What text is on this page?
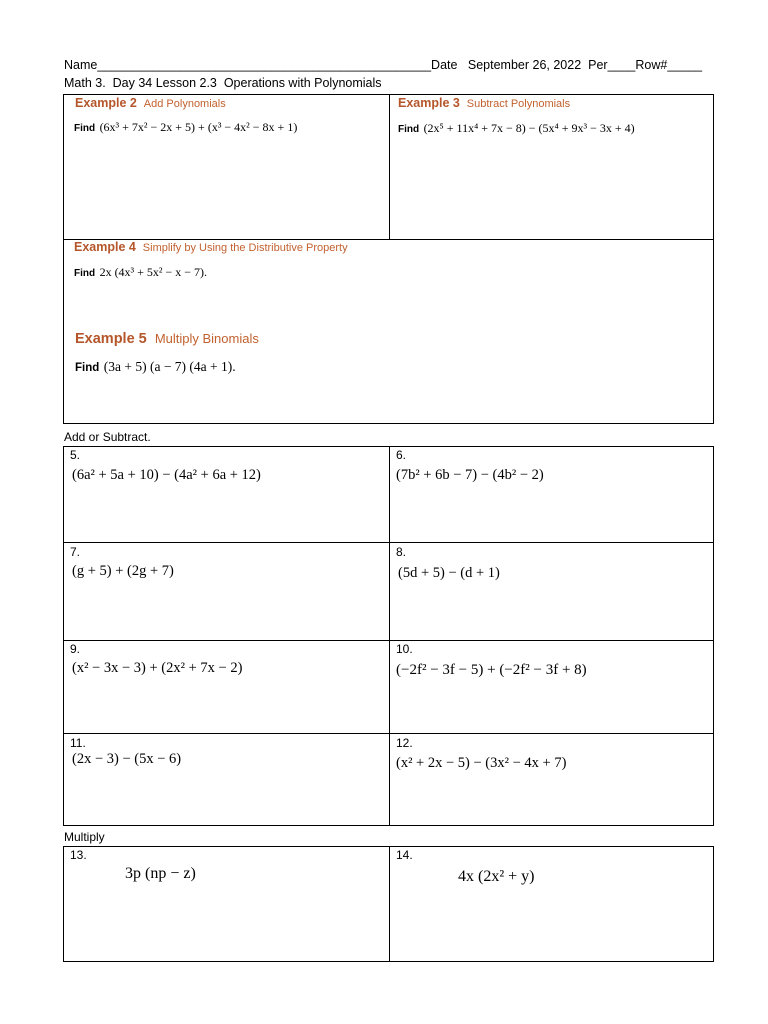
Name________________________________________________Date September 26, 2022 Per____Row#_____
Math 3.  Day 34 Lesson 2.3  Operations with Polynomials
Example 2 Add Polynomials
Find (6x³ + 7x² − 2x + 5) + (x³ − 4x² − 8x + 1)
Example 3 Subtract Polynomials
Find (2x⁵ + 11x⁴ + 7x − 8) − (5x⁴ + 9x³ − 3x + 4)
Example 4 Simplify by Using the Distributive Property
Find 2x (4x³ + 5x² − x − 7).
Example 5 Multiply Binomials
Find (3a + 5) (a − 7) (4a + 1).
Add or Subtract.
5.
(6a² + 5a + 10) − (4a² + 6a + 12)
6.
(7b² + 6b − 7) − (4b² − 2)
7.
(g + 5) + (2g + 7)
8.
(5d + 5) − (d + 1)
9.
(x² − 3x − 3) + (2x² + 7x − 2)
10.
(−2f² − 3f − 5) + (−2f² − 3f + 8)
11.
(2x − 3) − (5x − 6)
12.
(x² + 2x − 5) − (3x² − 4x + 7)
Multiply
13.
3p (np − z)
14.
4x (2x² + y)
